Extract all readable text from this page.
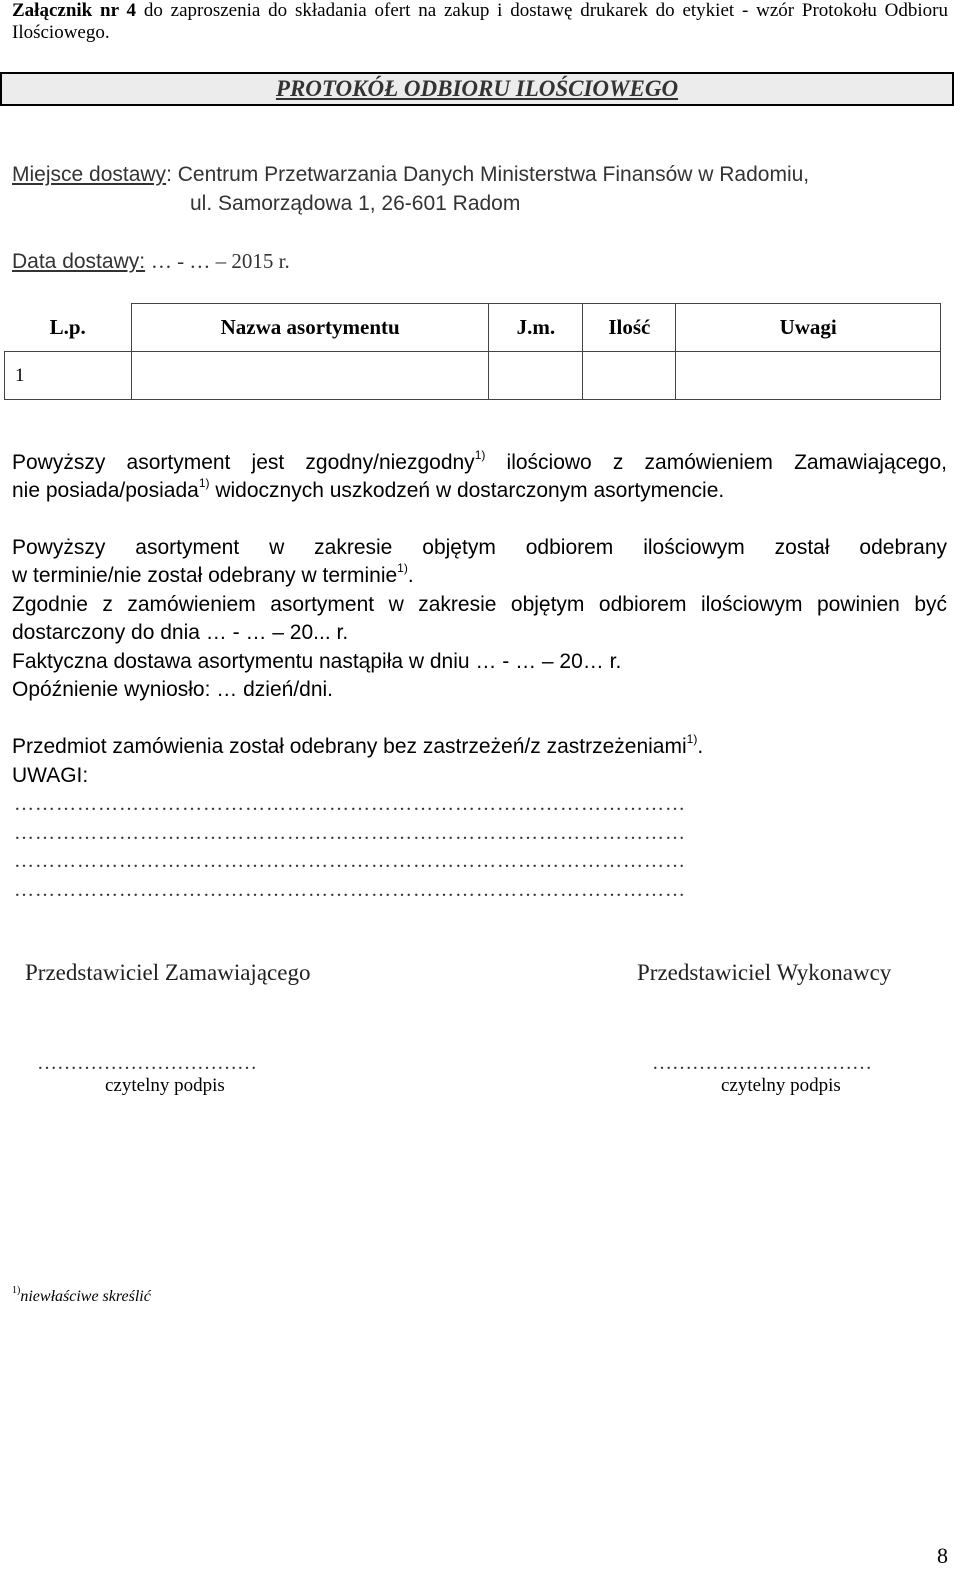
Załącznik nr 4 do zaproszenia do składania ofert na zakup i dostawę drukarek do etykiet - wzór Protokołu Odbioru Ilościowego.
PROTOKÓŁ ODBIORU ILOŚCIOWEGO
Miejsce dostawy: Centrum Przetwarzania Danych Ministerstwa Finansów w Radomiu,
ul. Samorządowa 1, 26-601 Radom
Data dostawy: … - … – 2015 r.
L.p.	Nazwa asortymentu	J.m.	Ilość	Uwagi
1				
Powyższy asortyment jest zgodny/niezgodny$^{1)}$ ilościowo z zamówieniem Zamawiającego,
nie posiada/posiada$^{1)}$ widocznych uszkodzeń w dostarczonym asortymencie.
Powyższy asortyment w zakresie objętym odbiorem ilościowym został odebrany
w terminie/nie został odebrany w terminie$^{1)}$.
Zgodnie z zamówieniem asortyment w zakresie objętym odbiorem ilościowym powinien być
dostarczony do dnia … - … – 20... r.
Faktyczna dostawa asortymentu nastąpiła w dniu … - … – 20… r.
Opóźnienie wyniosło: … dzień/dni.
Przedmiot zamówienia został odebrany bez zastrzeżeń/z zastrzeżeniami$^{1)}$.
UWAGI:
……………………………………………………………………………………
……………………………………………………………………………………
……………………………………………………………………………………
……………………………………………………………………………………
Przedstawiciel Zamawiającego	Przedstawiciel Wykonawcy
……………………………	……………………………
czytelny podpis	czytelny podpis
$^{1)}$niewłaściwe skreślić
8
